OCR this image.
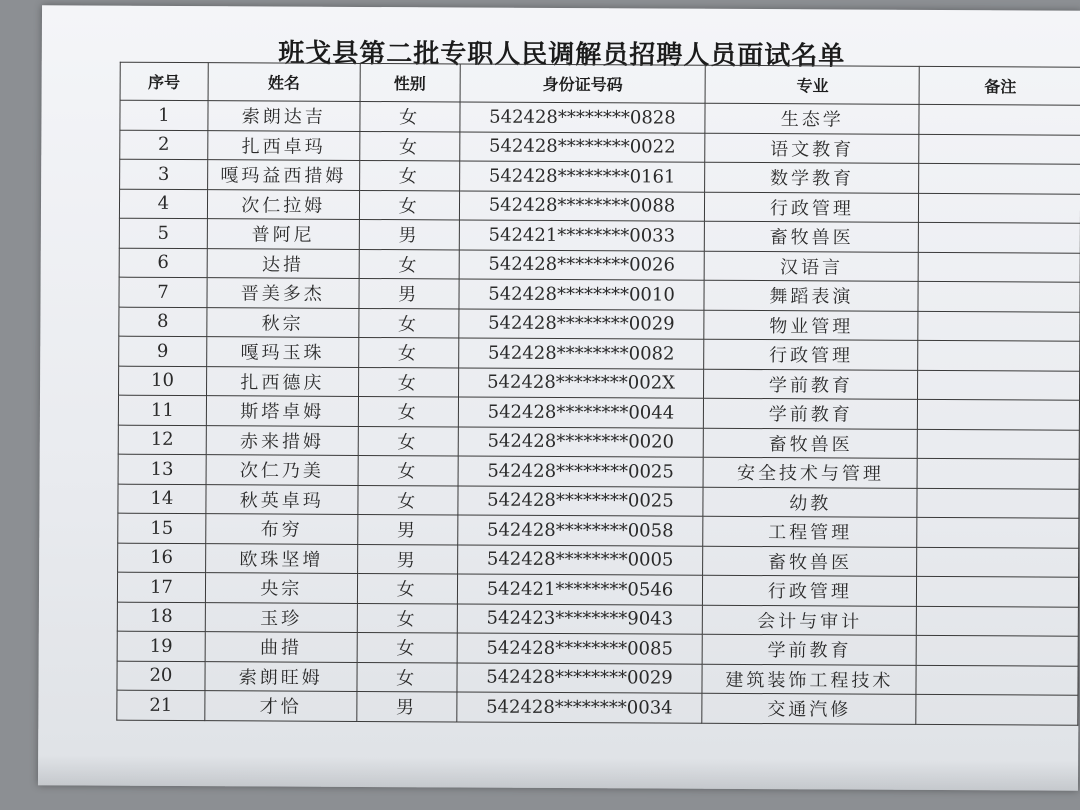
班戈县第二批专职人民调解员招聘人员面试名单
序号	姓名	性别	身份证号码	专业	备注
1	索朗达吉	女	542428********0828	生态学	
2	扎西卓玛	女	542428********0022	语文教育	
3	嘎玛益西措姆	女	542428********0161	数学教育	
4	次仁拉姆	女	542428********0088	行政管理	
5	普阿尼	男	542421********0033	畜牧兽医	
6	达措	女	542428********0026	汉语言	
7	晋美多杰	男	542428********0010	舞蹈表演	
8	秋宗	女	542428********0029	物业管理	
9	嘎玛玉珠	女	542428********0082	行政管理	
10	扎西德庆	女	542428********002X	学前教育	
11	斯塔卓姆	女	542428********0044	学前教育	
12	赤来措姆	女	542428********0020	畜牧兽医	
13	次仁乃美	女	542428********0025	安全技术与管理	
14	秋英卓玛	女	542428********0025	幼教	
15	布穷	男	542428********0058	工程管理	
16	欧珠坚增	男	542428********0005	畜牧兽医	
17	央宗	女	542421********0546	行政管理	
18	玉珍	女	542423********9043	会计与审计	
19	曲措	女	542428********0085	学前教育	
20	索朗旺姆	女	542428********0029	建筑装饰工程技术	
21	才恰	男	542428********0034	交通汽修	
